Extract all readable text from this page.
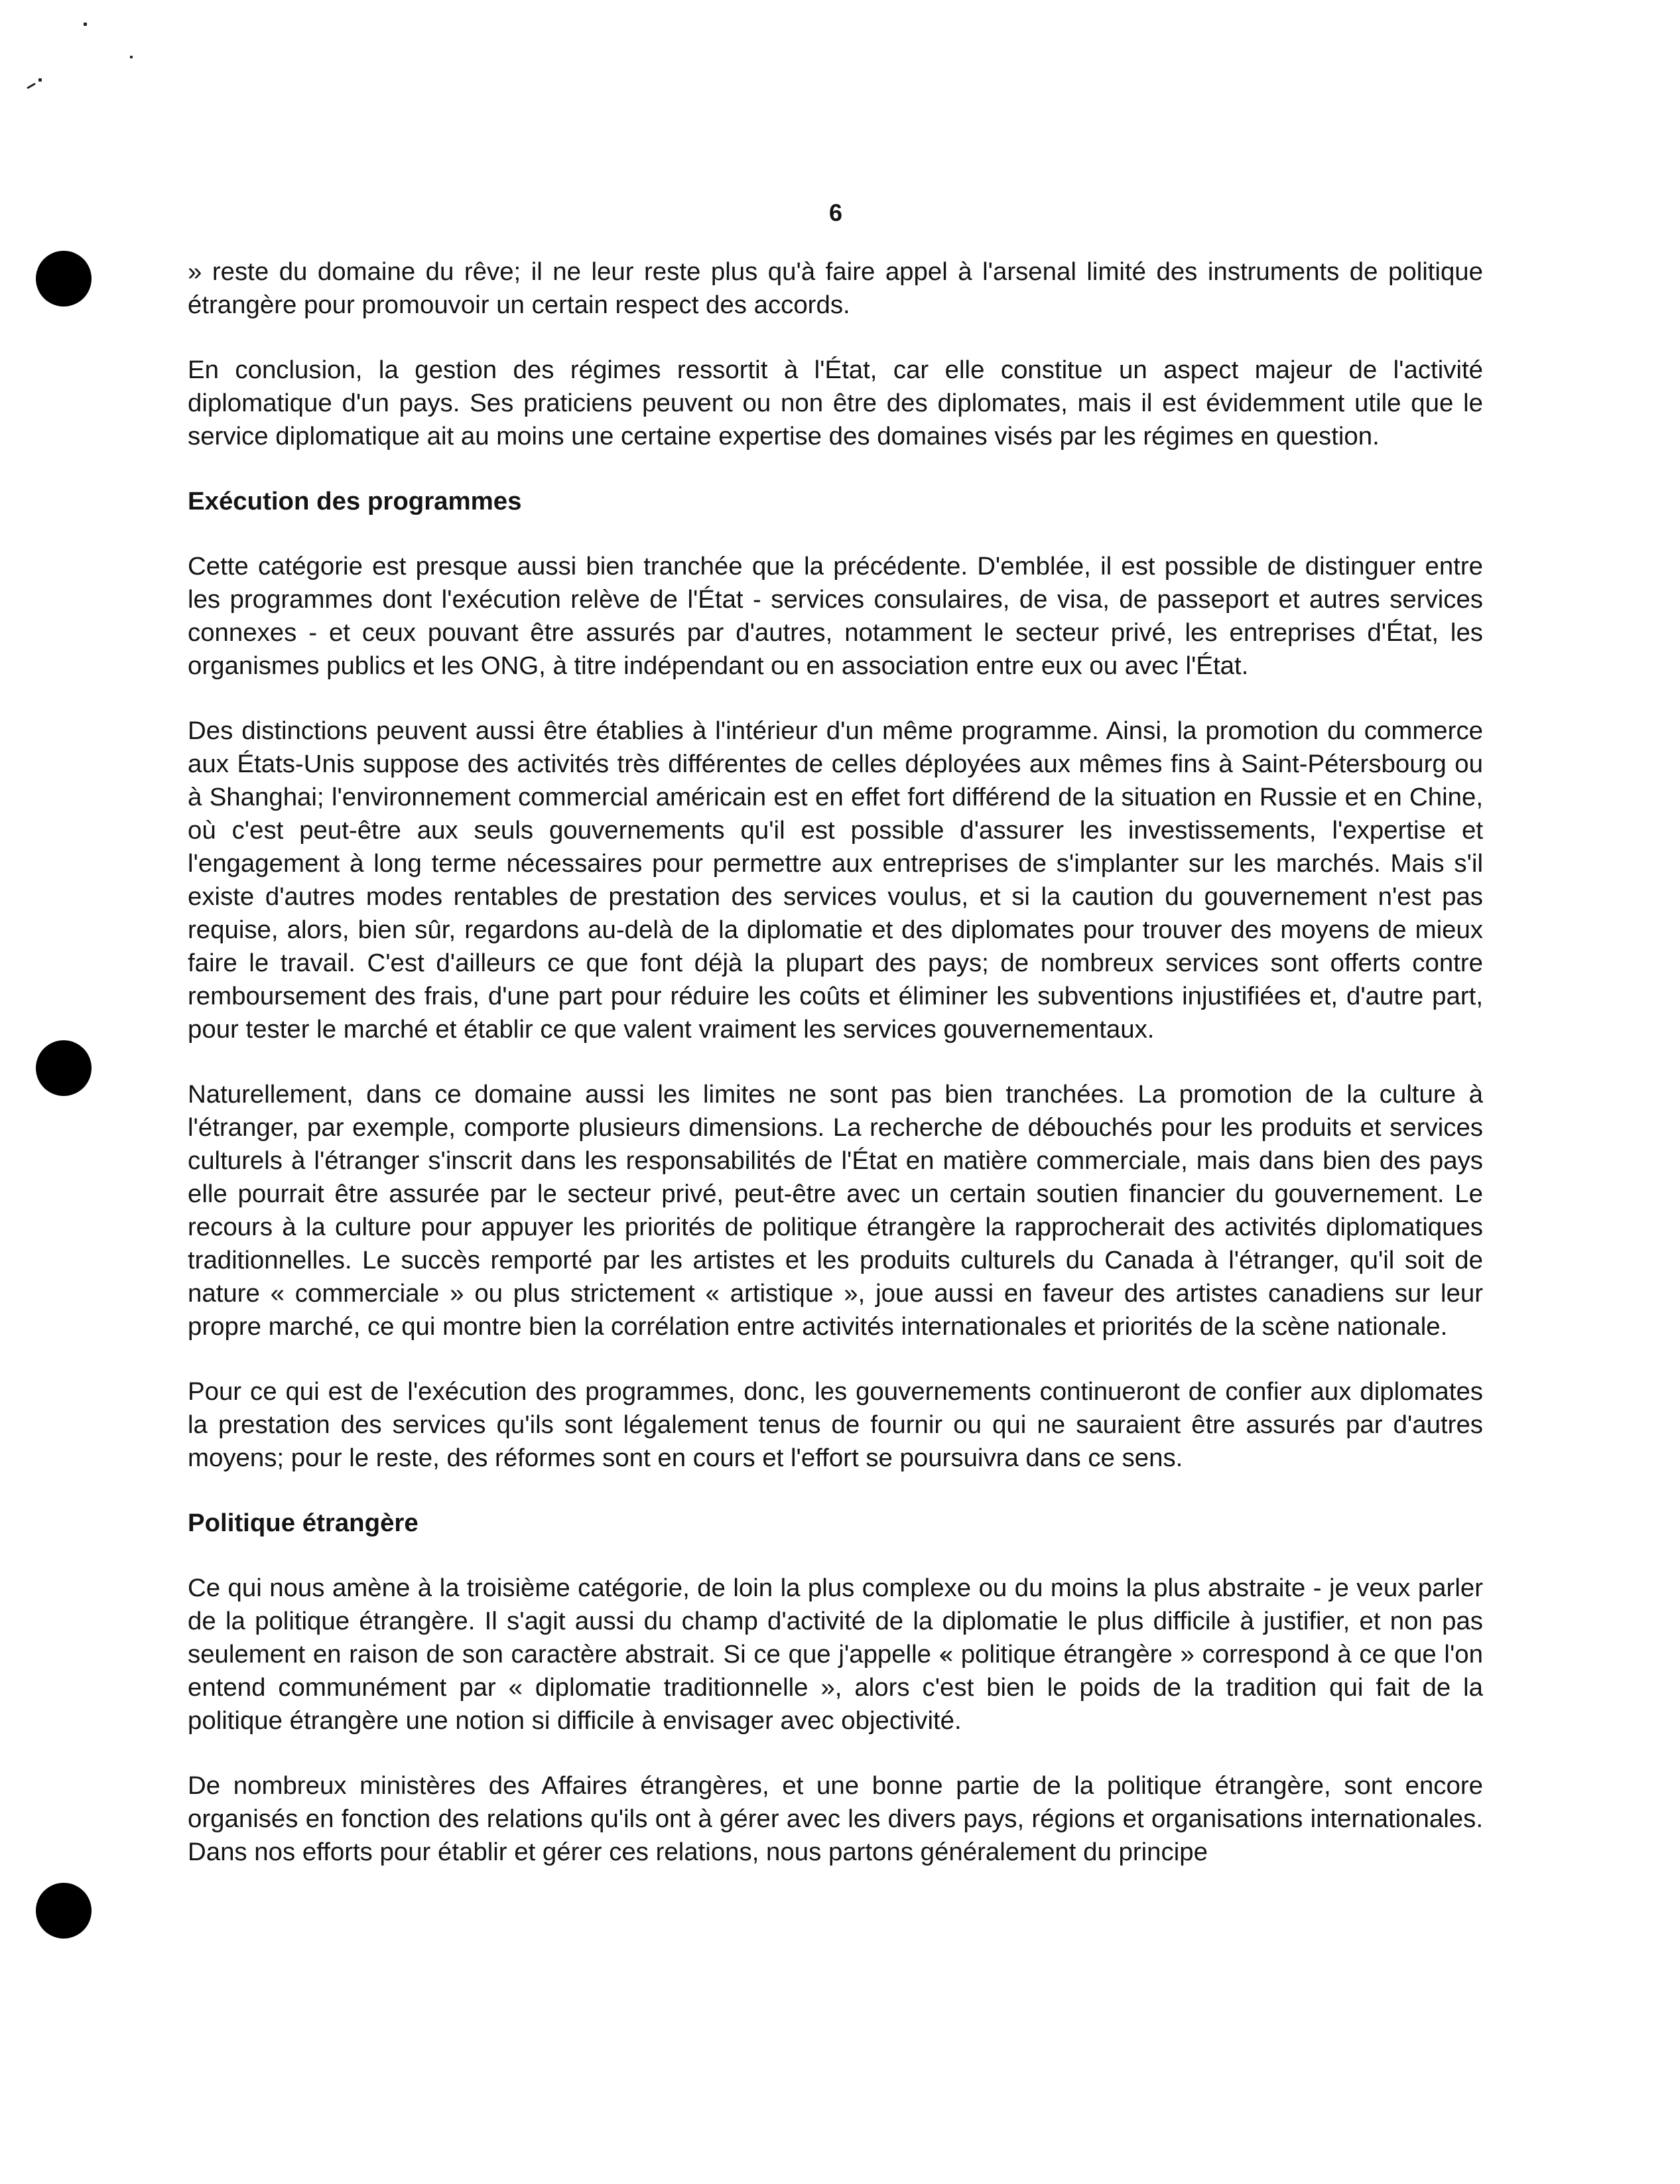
6

» reste du domaine du rêve; il ne leur reste plus qu'à faire appel à l'arsenal limité des instruments de politique étrangère pour promouvoir un certain respect des accords.

En conclusion, la gestion des régimes ressortit à l'État, car elle constitue un aspect majeur de l'activité diplomatique d'un pays. Ses praticiens peuvent ou non être des diplomates, mais il est évidemment utile que le service diplomatique ait au moins une certaine expertise des domaines visés par les régimes en question.

Exécution des programmes

Cette catégorie est presque aussi bien tranchée que la précédente. D'emblée, il est possible de distinguer entre les programmes dont l'exécution relève de l'État - services consulaires, de visa, de passeport et autres services connexes - et ceux pouvant être assurés par d'autres, notamment le secteur privé, les entreprises d'État, les organismes publics et les ONG, à titre indépendant ou en association entre eux ou avec l'État.

Des distinctions peuvent aussi être établies à l'intérieur d'un même programme. Ainsi, la promotion du commerce aux États-Unis suppose des activités très différentes de celles déployées aux mêmes fins à Saint-Pétersbourg ou à Shanghai; l'environnement commercial américain est en effet fort différend de la situation en Russie et en Chine, où c'est peut-être aux seuls gouvernements qu'il est possible d'assurer les investissements, l'expertise et l'engagement à long terme nécessaires pour permettre aux entreprises de s'implanter sur les marchés. Mais s'il existe d'autres modes rentables de prestation des services voulus, et si la caution du gouvernement n'est pas requise, alors, bien sûr, regardons au-delà de la diplomatie et des diplomates pour trouver des moyens de mieux faire le travail. C'est d'ailleurs ce que font déjà la plupart des pays; de nombreux services sont offerts contre remboursement des frais, d'une part pour réduire les coûts et éliminer les subventions injustifiées et, d'autre part, pour tester le marché et établir ce que valent vraiment les services gouvernementaux.

Naturellement, dans ce domaine aussi les limites ne sont pas bien tranchées. La promotion de la culture à l'étranger, par exemple, comporte plusieurs dimensions. La recherche de débouchés pour les produits et services culturels à l'étranger s'inscrit dans les responsabilités de l'État en matière commerciale, mais dans bien des pays elle pourrait être assurée par le secteur privé, peut-être avec un certain soutien financier du gouvernement. Le recours à la culture pour appuyer les priorités de politique étrangère la rapprocherait des activités diplomatiques traditionnelles. Le succès remporté par les artistes et les produits culturels du Canada à l'étranger, qu'il soit de nature « commerciale » ou plus strictement « artistique », joue aussi en faveur des artistes canadiens sur leur propre marché, ce qui montre bien la corrélation entre activités internationales et priorités de la scène nationale.

Pour ce qui est de l'exécution des programmes, donc, les gouvernements continueront de confier aux diplomates la prestation des services qu'ils sont légalement tenus de fournir ou qui ne sauraient être assurés par d'autres moyens; pour le reste, des réformes sont en cours et l'effort se poursuivra dans ce sens.

Politique étrangère

Ce qui nous amène à la troisième catégorie, de loin la plus complexe ou du moins la plus abstraite - je veux parler de la politique étrangère. Il s'agit aussi du champ d'activité de la diplomatie le plus difficile à justifier, et non pas seulement en raison de son caractère abstrait. Si ce que j'appelle « politique étrangère » correspond à ce que l'on entend communément par « diplomatie traditionnelle », alors c'est bien le poids de la tradition qui fait de la politique étrangère une notion si difficile à envisager avec objectivité.

De nombreux ministères des Affaires étrangères, et une bonne partie de la politique étrangère, sont encore organisés en fonction des relations qu'ils ont à gérer avec les divers pays, régions et organisations internationales. Dans nos efforts pour établir et gérer ces relations, nous partons généralement du principe
